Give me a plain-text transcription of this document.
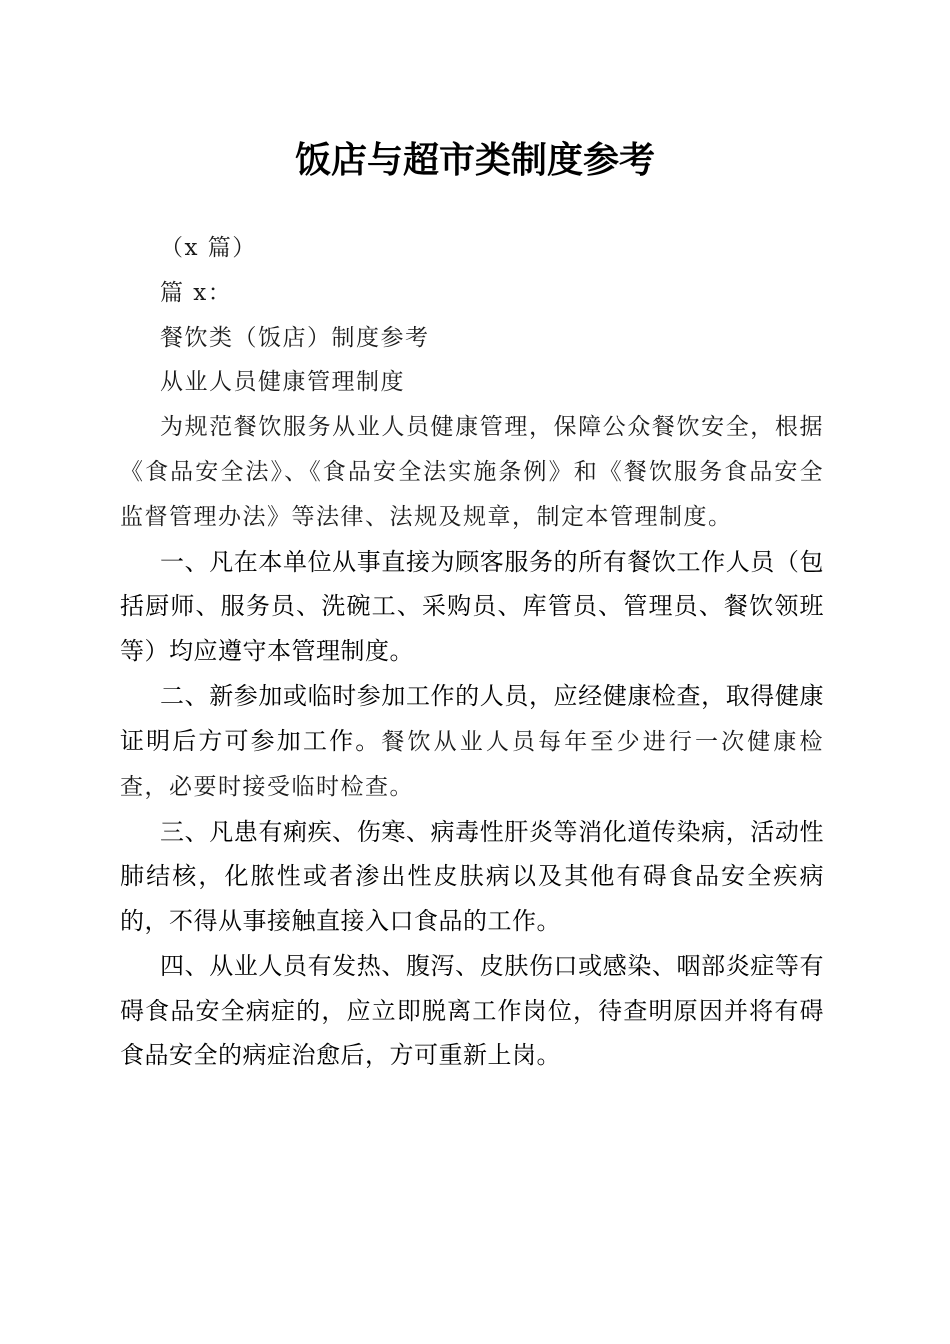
饭店与超市类制度参考

（x 篇）

篇 x：

餐饮类（饭店）制度参考

从业人员健康管理制度

为规范餐饮服务从业人员健康管理，保障公众餐饮安全，根据《食品安全法》、《食品安全法实施条例》和《餐饮服务食品安全监督管理办法》等法律、法规及规章，制定本管理制度。

一、凡在本单位从事直接为顾客服务的所有餐饮工作人员（包括厨师、服务员、洗碗工、采购员、库管员、管理员、餐饮领班等）均应遵守本管理制度。

二、新参加或临时参加工作的人员，应经健康检查，取得健康证明后方可参加工作。餐饮从业人员每年至少进行一次健康检查，必要时接受临时检查。

三、凡患有痢疾、伤寒、病毒性肝炎等消化道传染病，活动性肺结核，化脓性或者渗出性皮肤病以及其他有碍食品安全疾病的，不得从事接触直接入口食品的工作。

四、从业人员有发热、腹泻、皮肤伤口或感染、咽部炎症等有碍食品安全病症的，应立即脱离工作岗位，待查明原因并将有碍食品安全的病症治愈后，方可重新上岗。
